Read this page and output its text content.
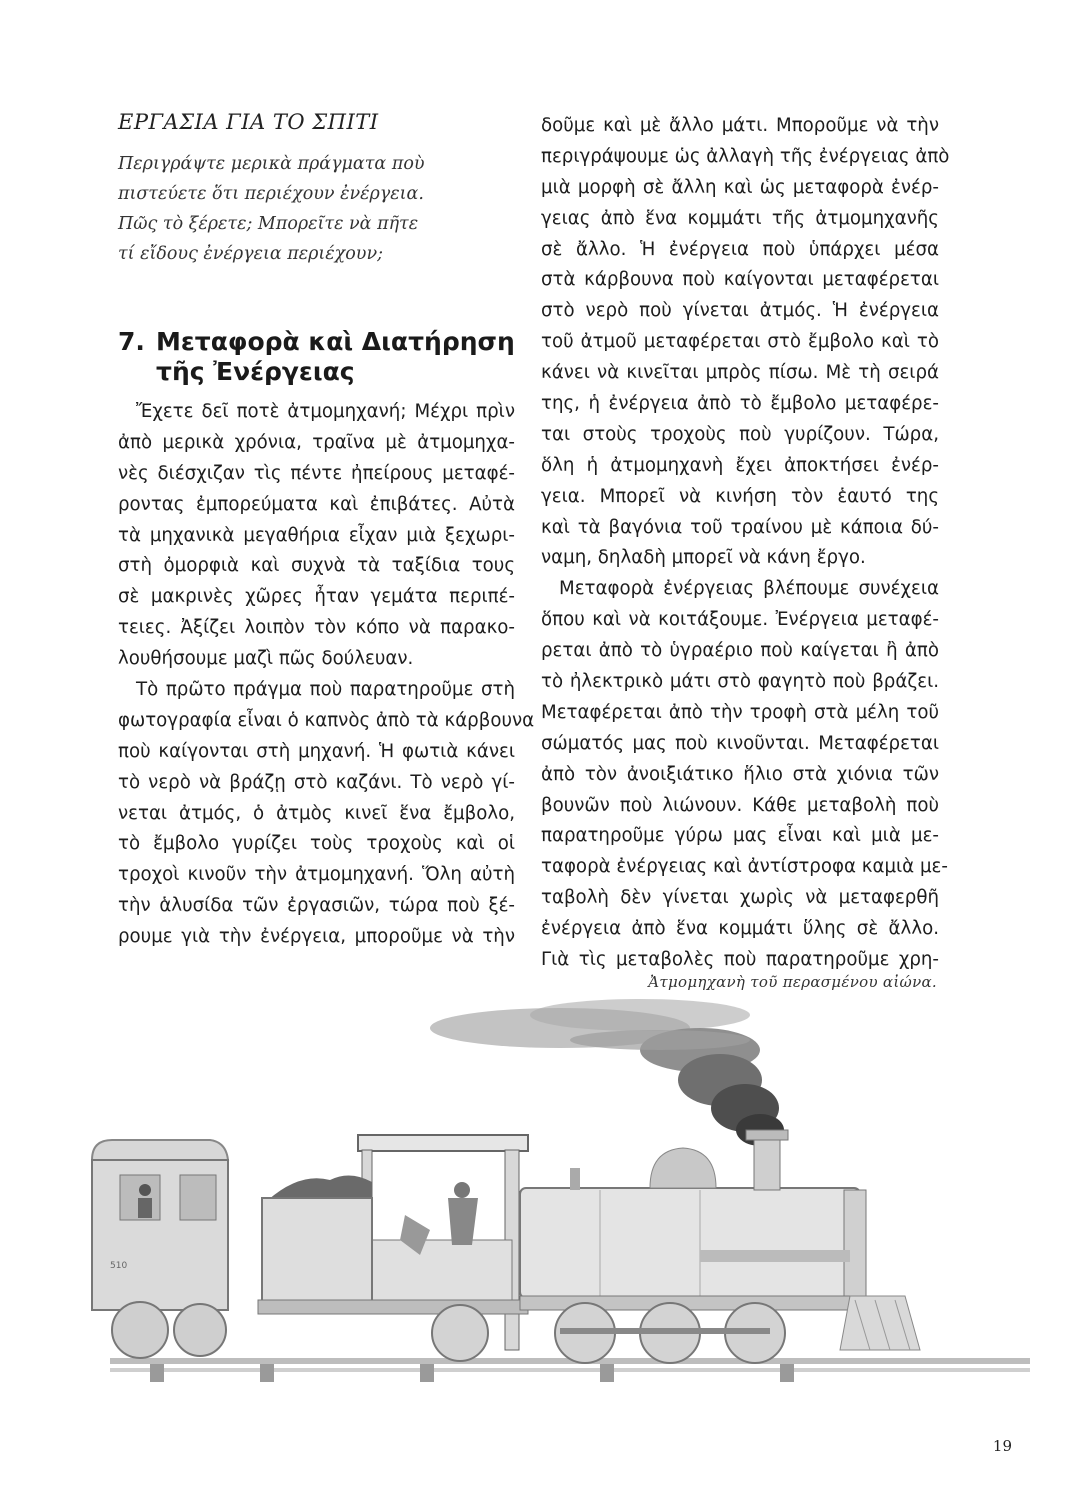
ΕΡΓΑΣΙΑ ΓΙΑ ΤΟ ΣΠΙΤΙ
Περιγράψτε μερικὰ πράγματα ποὺ
πιστεύετε ὅτι περιέχουν ἐνέργεια.
Πῶς τὸ ξέρετε; Μπορεῖτε νὰ πῆτε
τί εἴδους ἐνέργεια περιέχουν;
7. Μεταφορὰ καὶ Διατήρηση
τῆς Ἐνέργειας
Ἔχετε δεῖ ποτὲ ἀτμομηχανή; Μέχρι πρὶν
ἀπὸ μερικὰ χρόνια, τραῖνα μὲ ἀτμομηχα-
νὲς διέσχιζαν τὶς πέντε ἠπείρους μεταφέ-
ροντας ἐμπορεύματα καὶ ἐπιβάτες. Αὐτὰ
τὰ μηχανικὰ μεγαθήρια εἶχαν μιὰ ξεχωρι-
στὴ ὀμορφιὰ καὶ συχνὰ τὰ ταξίδια τους
σὲ μακρινὲς χῶρες ἦταν γεμάτα περιπέ-
τειες. Ἀξίζει λοιπὸν τὸν κόπο νὰ παρακο-
λουθήσουμε μαζὶ πῶς δούλευαν.
Τὸ πρῶτο πράγμα ποὺ παρατηροῦμε στὴ
φωτογραφία εἶναι ὁ καπνὸς ἀπὸ τὰ κάρβουνα
ποὺ καίγονται στὴ μηχανή. Ἡ φωτιὰ κάνει
τὸ νερὸ νὰ βράζῃ στὸ καζάνι. Τὸ νερὸ γί-
νεται ἀτμός, ὁ ἀτμὸς κινεῖ ἕνα ἔμβολο,
τὸ ἔμβολο γυρίζει τοὺς τροχοὺς καὶ οἱ
τροχοὶ κινοῦν τὴν ἀτμομηχανή. Ὅλη αὐτὴ
τὴν ἁλυσίδα τῶν ἐργασιῶν, τώρα ποὺ ξέ-
ρουμε γιὰ τὴν ἐνέργεια, μποροῦμε νὰ τὴν
δοῦμε καὶ μὲ ἄλλο μάτι. Μποροῦμε νὰ τὴν
περιγράψουμε ὡς ἀλλαγὴ τῆς ἐνέργειας ἀπὸ
μιὰ μορφὴ σὲ ἄλλη καὶ ὡς μεταφορὰ ἐνέρ-
γειας ἀπὸ ἕνα κομμάτι τῆς ἀτμομηχανῆς
σὲ ἄλλο. Ἡ ἐνέργεια ποὺ ὑπάρχει μέσα
στὰ κάρβουνα ποὺ καίγονται μεταφέρεται
στὸ νερὸ ποὺ γίνεται ἀτμός. Ἡ ἐνέργεια
τοῦ ἀτμοῦ μεταφέρεται στὸ ἔμβολο καὶ τὸ
κάνει νὰ κινεῖται μπρὸς πίσω. Μὲ τὴ σειρά
της, ἡ ἐνέργεια ἀπὸ τὸ ἔμβολο μεταφέρε-
ται στοὺς τροχοὺς ποὺ γυρίζουν. Τώρα,
ὅλη ἡ ἀτμομηχανὴ ἔχει ἀποκτήσει ἐνέρ-
γεια. Μπορεῖ νὰ κινήση τὸν ἑαυτό της
καὶ τὰ βαγόνια τοῦ τραίνου μὲ κάποια δύ-
ναμη, δηλαδὴ μπορεῖ νὰ κάνη ἔργο.
Μεταφορὰ ἐνέργειας βλέπουμε συνέχεια
ὅπου καὶ νὰ κοιτάξουμε. Ἐνέργεια μεταφέ-
ρεται ἀπὸ τὸ ὑγραέριο ποὺ καίγεται ἢ ἀπὸ
τὸ ἠλεκτρικὸ μάτι στὸ φαγητὸ ποὺ βράζει.
Μεταφέρεται ἀπὸ τὴν τροφὴ στὰ μέλη τοῦ
σώματός μας ποὺ κινοῦνται. Μεταφέρεται
ἀπὸ τὸν ἀνοιξιάτικο ἥλιο στὰ χιόνια τῶν
βουνῶν ποὺ λιώνουν. Κάθε μεταβολὴ ποὺ
παρατηροῦμε γύρω μας εἶναι καὶ μιὰ με-
ταφορὰ ἐνέργειας καὶ ἀντίστροφα καμιὰ με-
ταβολὴ δὲν γίνεται χωρὶς νὰ μεταφερθῆ
ἐνέργεια ἀπὸ ἕνα κομμάτι ὕλης σὲ ἄλλο.
Γιὰ τὶς μεταβολὲς ποὺ παρατηροῦμε χρη-
Ἀτμομηχανὴ τοῦ περασμένου αἰώνα.
510
19
